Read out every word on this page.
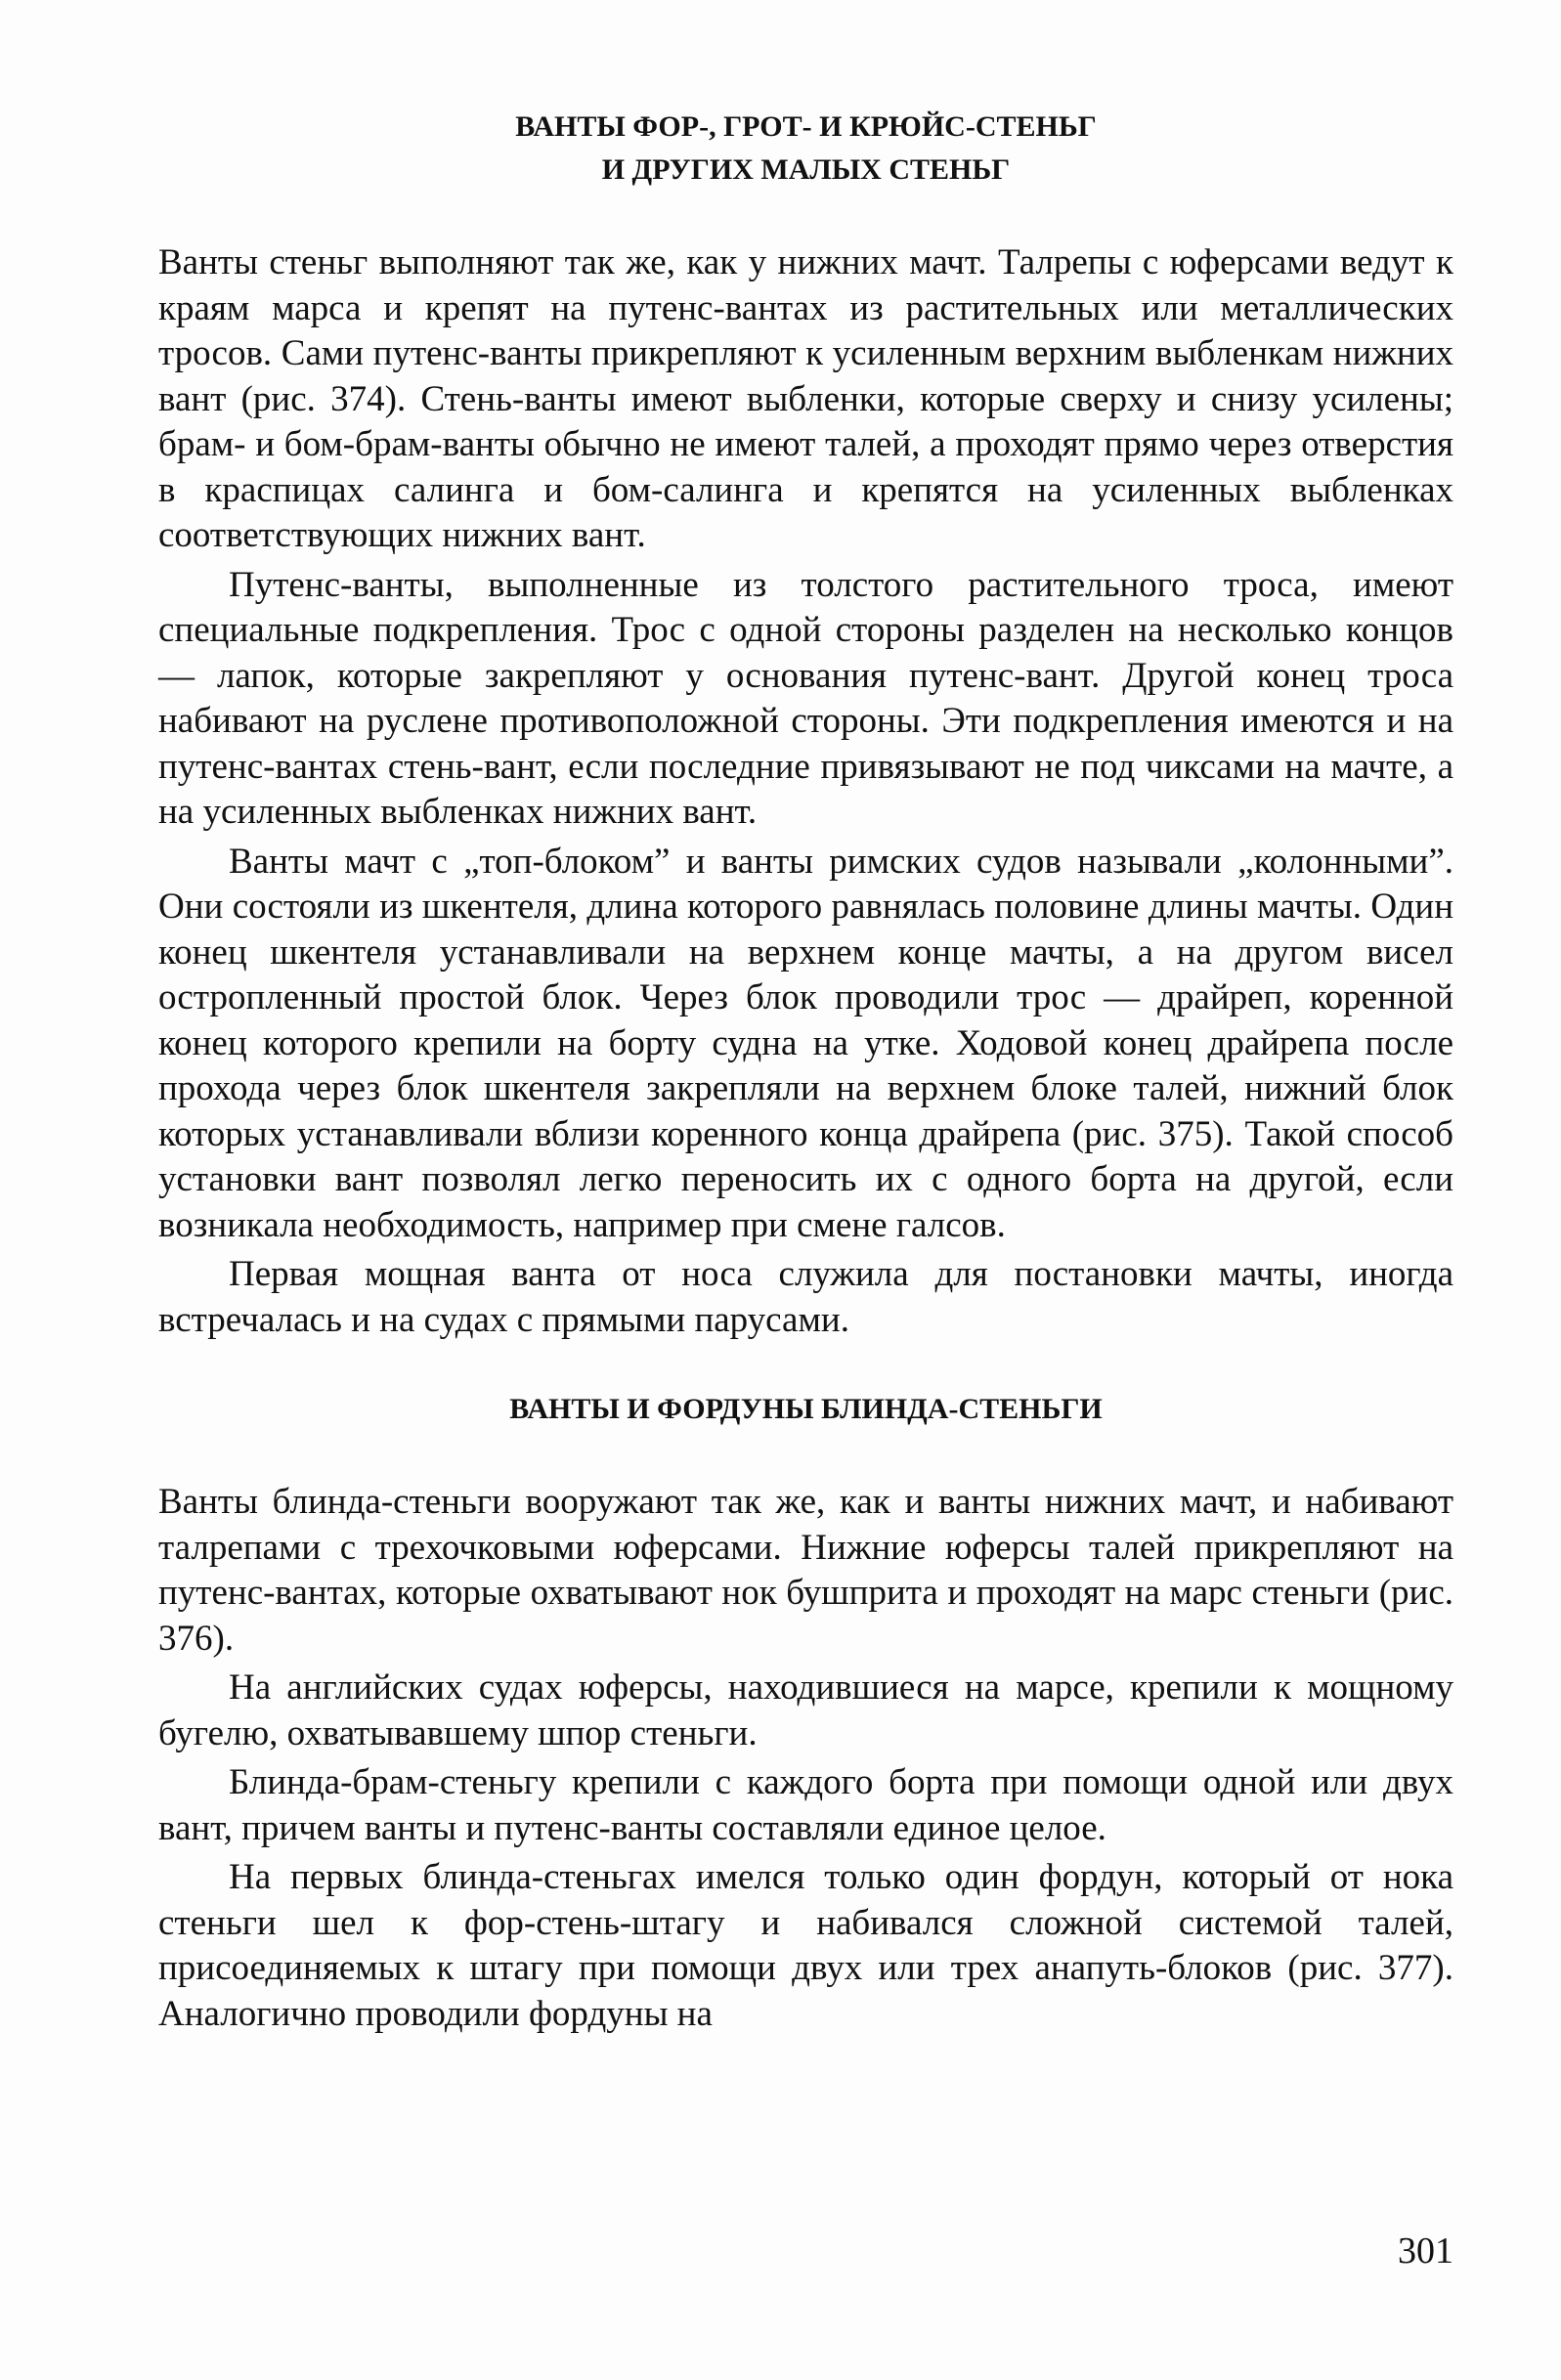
ВАНТЫ ФОР-, ГРОТ- И КРЮЙС-СТЕНЬГ

И ДРУГИХ МАЛЫХ СТЕНЬГ

Ванты стеньг выполняют так же, как у нижних мачт. Талрепы с юферсами ведут к краям марса и крепят на путенс-вантах из растительных или металлических тросов. Сами путенс-ванты прикрепляют к усиленным верхним выбленкам нижних вант (рис. 374). Стень-ванты имеют выбленки, которые сверху и снизу усилены; брам- и бом-брам-ванты обычно не имеют талей, а проходят прямо через отверстия в краспицах салинга и бом-салинга и крепятся на усиленных выбленках соответствующих нижних вант.

Путенс-ванты, выполненные из толстого растительного троса, имеют специальные подкрепления. Трос с одной стороны разделен на несколько концов — лапок, которые закрепляют у основания путенс-вант. Другой конец троса набивают на руслене противоположной стороны. Эти подкрепления имеются и на путенс-вантах стень-вант, если последние привязывают не под чиксами на мачте, а на усиленных выбленках нижних вант.

Ванты мачт с „топ-блоком” и ванты римских судов называли „колонными”. Они состояли из шкентеля, длина которого равнялась половине длины мачты. Один конец шкентеля устанавливали на верхнем конце мачты, а на другом висел остропленный простой блок. Через блок проводили трос — драйреп, коренной конец которого крепили на борту судна на утке. Ходовой конец драйрепа после прохода через блок шкентеля закрепляли на верхнем блоке талей, нижний блок которых устанавливали вблизи коренного конца драйрепа (рис. 375). Такой способ установки вант позволял легко переносить их с одного борта на другой, если возникала необходимость, например при смене галсов.

Первая мощная ванта от носа служила для постановки мачты, иногда встречалась и на судах с прямыми парусами.

ВАНТЫ И ФОРДУНЫ БЛИНДА-СТЕНЬГИ

Ванты блинда-стеньги вооружают так же, как и ванты нижних мачт, и набивают талрепами с трехочковыми юферсами. Нижние юферсы талей прикрепляют на путенс-вантах, которые охватывают нок бушприта и проходят на марс стеньги (рис. 376).

На английских судах юферсы, находившиеся на марсе, крепили к мощному бугелю, охватывавшему шпор стеньги.

Блинда-брам-стеньгу крепили с каждого борта при помощи одной или двух вант, причем ванты и путенс-ванты составляли единое целое.

На первых блинда-стеньгах имелся только один фордун, который от нока стеньги шел к фор-стень-штагу и набивался сложной системой талей, присоединяемых к штагу при помощи двух или трех анапуть-блоков (рис. 377). Аналогично проводили фордуны на

301
